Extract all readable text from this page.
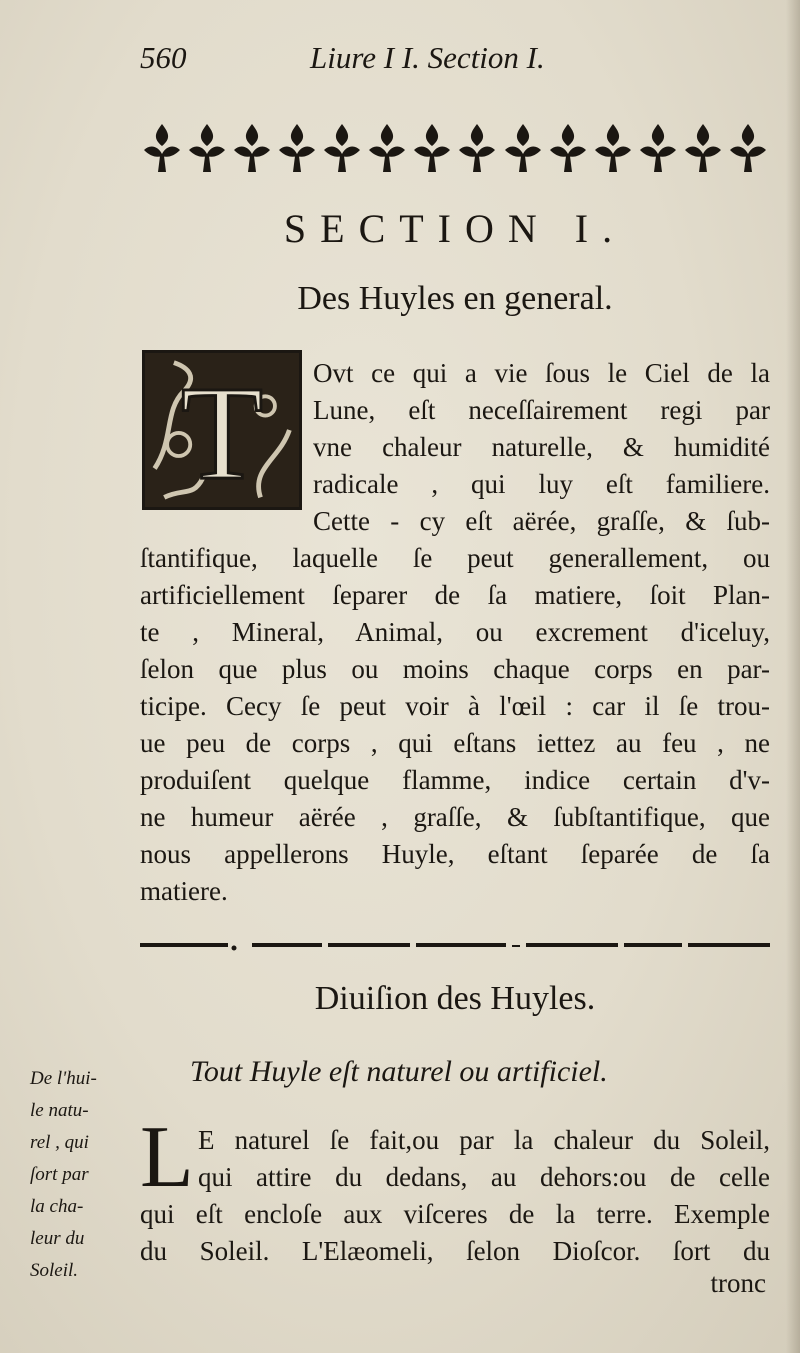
560	Liure I I. Section I.
SECTION I.
Des Huyles en general.
T Ovt ce qui a vie ſous le Ciel de la
Lune, eſt neceſſairement regi par
vne chaleur naturelle, & humidité
radicale , qui luy eſt familiere.
Cette - cy eſt aërée, graſſe, & ſub-
ſtantifique, laquelle ſe peut generallement, ou
artificiellement ſeparer de ſa matiere, ſoit Plan-
te , Mineral, Animal, ou excrement d'iceluy,
ſelon que plus ou moins chaque corps en par-
ticipe. Cecy ſe peut voir à l'œil : car il ſe trou-
ue peu de corps , qui eſtans iettez au feu , ne
produiſent quelque flamme, indice certain d'v-
ne humeur aërée , graſſe, & ſubſtantifique, que
nous appellerons Huyle, eſtant ſeparée de ſa
matiere.
Diuiſion des Huyles.
Tout Huyle eſt naturel ou artificiel.
De l'hui-
le natu-
rel , qui
ſort par
la cha-
leur du
Soleil.
L E naturel ſe fait,ou par la chaleur du Soleil,
qui attire du dedans, au dehors:ou de celle
qui eſt encloſe aux viſceres de la terre. Exemple
du Soleil. L'Elæomeli, ſelon Dioſcor. ſort du
tronc
